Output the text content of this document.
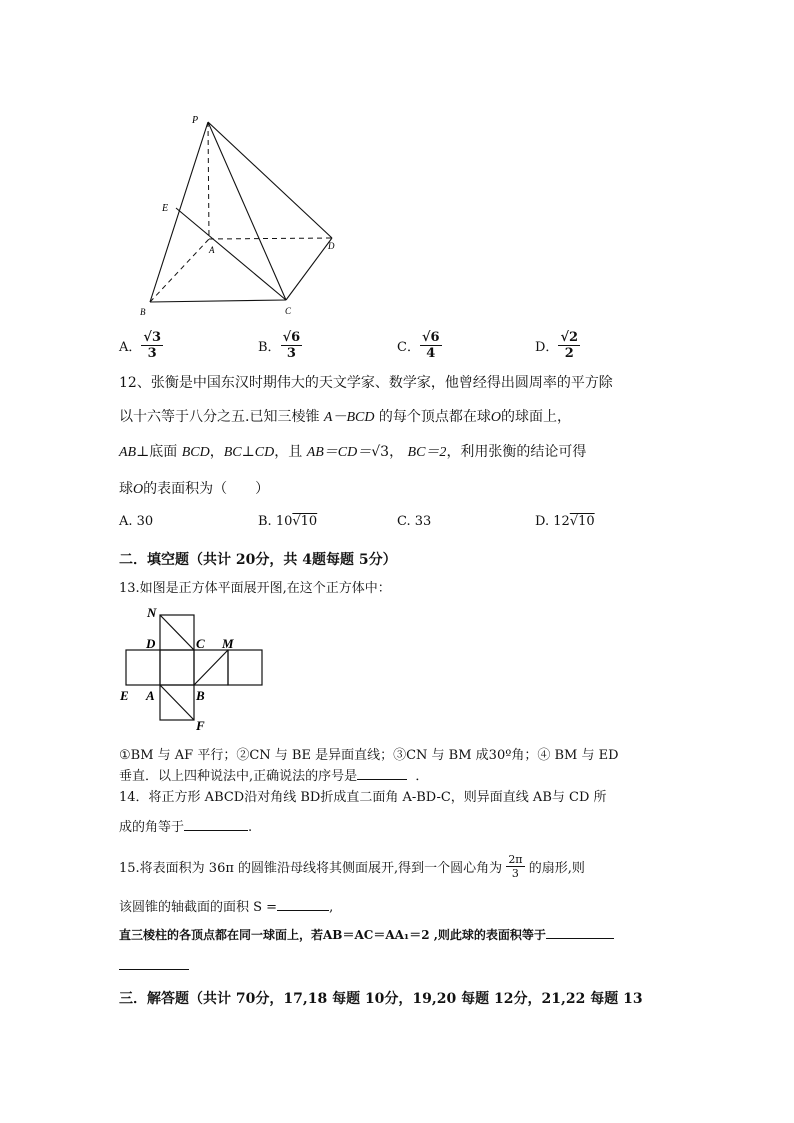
P
E
A	D
B	C
A． $\frac{√3}{3}$	B． $\frac{√6}{3}$	C． $\frac{√6}{4}$	D． $\frac{√2}{2}$
12、张衡是中国东汉时期伟大的天文学家、数学家，他曾经得出圆周率的平方除
以十六等于八分之五.已知三棱锥 A－BCD 的每个顶点都在球O的球面上，
AB⊥底面 BCD，BC⊥CD，且 AB＝CD＝√3， BC＝2，利用张衡的结论可得
球O的表面积为（　　）
A. 30	B. 10√10	C. 33	D. 12√10
二．填空题（共计 20分，共 4题每题 5分）
13.如图是正方体平面展开图,在这个正方体中：
N
D	C M
E A	B
F
①BM 与 AF 平行；②CN 与 BE 是异面直线；③CN 与 BM 成30º角；④ BM 与 ED
垂直．以上四种说法中,正确说法的序号是	．
14．将正方形 ABCD沿对角线 BD折成直二面角 A-BD-C，则异面直线 AB与 CD 所
成的角等于	.
15.将表面积为 36π 的圆锥沿母线将其侧面展开,得到一个圆心角为 $\frac{2\pi}{3}$ 的扇形,则
该圆锥的轴截面的面积 S =	,
直三棱柱的各顶点都在同一球面上，若AB＝AC＝AA₁＝2 ,则此球的表面积等于
三．解答题（共计 70分，17,18 每题 10分，19,20 每题 12分，21,22 每题 13
